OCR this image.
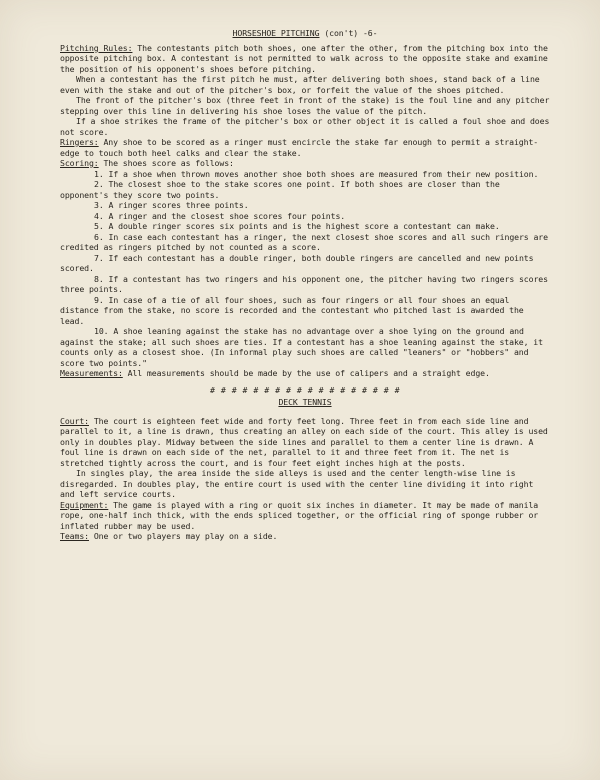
HORSESHOE PITCHING (con't) -6-

Pitching Rules: The contestants pitch both shoes, one after the other, from the pitching box into the opposite pitching box. A contestant is not permitted to walk across to the opposite stake and examine the position of his opponent's shoes before pitching.

When a contestant has the first pitch he must, after delivering both shoes, stand back of a line even with the stake and out of the pitcher's box, or forfeit the value of the shoes pitched.

The front of the pitcher's box (three feet in front of the stake) is the foul line and any pitcher stepping over this line in delivering his shoe loses the value of the pitch.

If a shoe strikes the frame of the pitcher's box or other object it is called a foul shoe and does not score.

Ringers: Any shoe to be scored as a ringer must encircle the stake far enough to permit a straight-edge to touch both heel calks and clear the stake.

Scoring: The shoes score as follows:

1. If a shoe when thrown moves another shoe both shoes are measured from their new position.

2. The closest shoe to the stake scores one point. If both shoes are closer than the opponent's they score two points.

3. A ringer scores three points.

4. A ringer and the closest shoe scores four points.

5. A double ringer scores six points and is the highest score a contestant can make.

6. In case each contestant has a ringer, the next closest shoe scores and all such ringers are credited as ringers pitched by not counted as a score.

7. If each contestant has a double ringer, both double ringers are cancelled and new points scored.

8. If a contestant has two ringers and his opponent one, the pitcher having two ringers scores three points.

9. In case of a tie of all four shoes, such as four ringers or all four shoes an equal distance from the stake, no score is recorded and the contestant who pitched last is awarded the lead.

10. A shoe leaning against the stake has no advantage over a shoe lying on the ground and against the stake; all such shoes are ties. If a contestant has a shoe leaning against the stake, it counts only as a closest shoe. (In informal play such shoes are called "leaners" or "hobbers" and score two points."

Measurements: All measurements should be made by the use of calipers and a straight edge.

# # # # # # # # # # # # # # # # # #
DECK TENNIS

Court: The court is eighteen feet wide and forty feet long. Three feet in from each side line and parallel to it, a line is drawn, thus creating an alley on each side of the court. This alley is used only in doubles play. Midway between the side lines and parallel to them a center line is drawn. A foul line is drawn on each side of the net, parallel to it and three feet from it. The net is stretched tightly across the court, and is four feet eight inches high at the posts.

In singles play, the area inside the side alleys is used and the center length-wise line is disregarded. In doubles play, the entire court is used with the center line dividing it into right and left service courts.

Equipment: The game is played with a ring or quoit six inches in diameter. It may be made of manila rope, one-half inch thick, with the ends spliced together, or the official ring of sponge rubber or inflated rubber may be used.

Teams: One or two players may play on a side.
